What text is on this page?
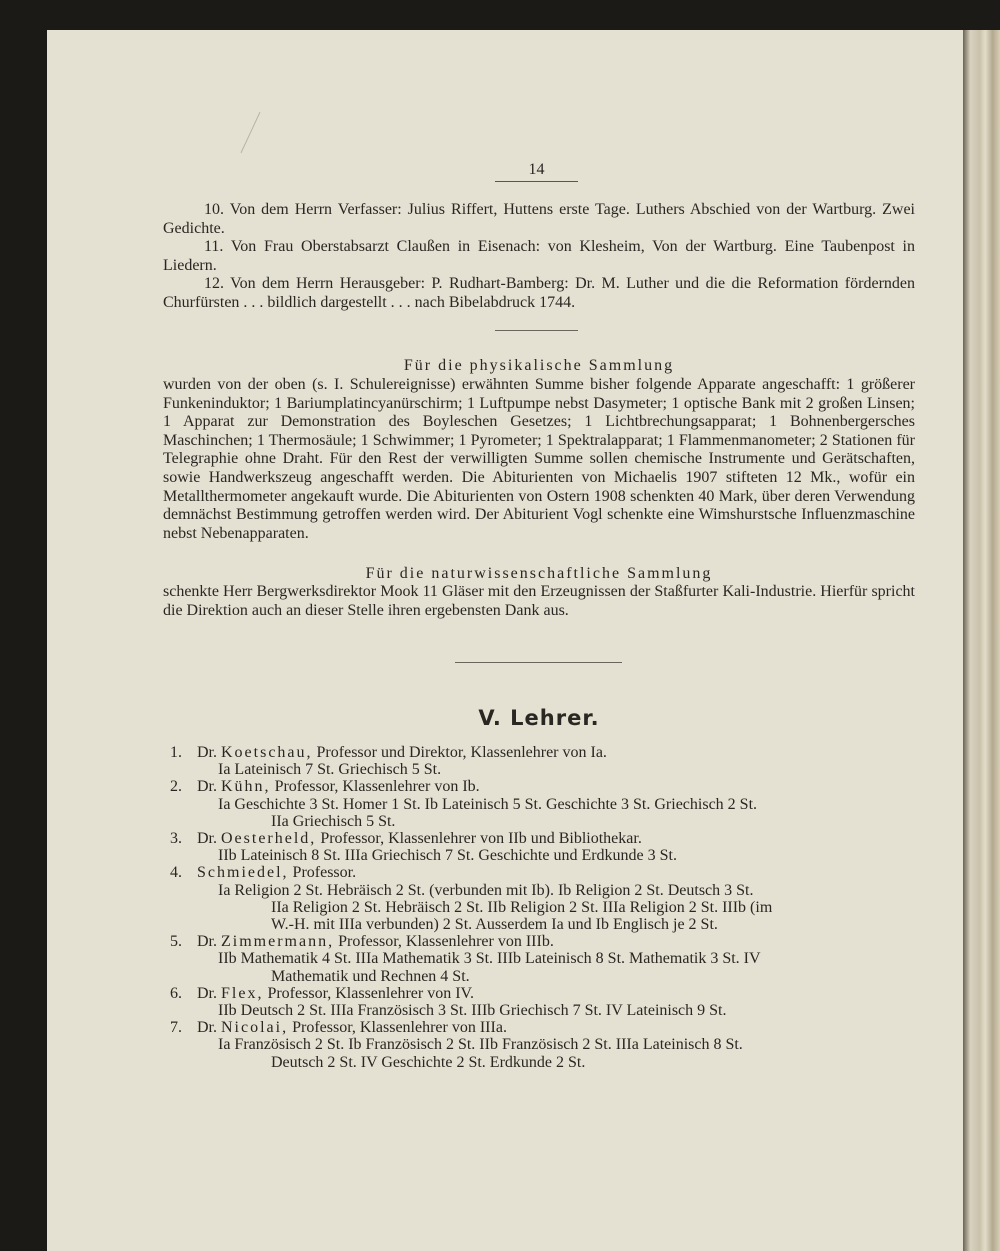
14

10. Von dem Herrn Verfasser: Julius Riffert, Huttens erste Tage. Luthers Abschied von der Wartburg. Zwei Gedichte.

11. Von Frau Oberstabsarzt Claußen in Eisenach: von Klesheim, Von der Wartburg. Eine Taubenpost in Liedern.

12. Von dem Herrn Herausgeber: P. Rudhart-Bamberg: Dr. M. Luther und die die Reformation fördernden Churfürsten . . . bildlich dargestellt . . . nach Bibelabdruck 1744.

Für die physikalische Sammlung

wurden von der oben (s. I. Schulereignisse) erwähnten Summe bisher folgende Apparate angeschafft: 1 größerer Funkeninduktor; 1 Bariumplatincyanürschirm; 1 Luftpumpe nebst Dasymeter; 1 optische Bank mit 2 großen Linsen; 1 Apparat zur Demonstration des Boyleschen Gesetzes; 1 Lichtbrechungsapparat; 1 Bohnenbergersches Maschinchen; 1 Thermosäule; 1 Schwimmer; 1 Pyrometer; 1 Spektralapparat; 1 Flammenmanometer; 2 Stationen für Telegraphie ohne Draht. Für den Rest der verwilligten Summe sollen chemische Instrumente und Gerätschaften, sowie Handwerkszeug angeschafft werden. Die Abiturienten von Michaelis 1907 stifteten 12 Mk., wofür ein Metallthermometer angekauft wurde. Die Abiturienten von Ostern 1908 schenkten 40 Mark, über deren Verwendung demnächst Bestimmung getroffen werden wird. Der Abiturient Vogl schenkte eine Wimshurstsche Influenzmaschine nebst Nebenapparaten.

Für die naturwissenschaftliche Sammlung

schenkte Herr Bergwerksdirektor Mook 11 Gläser mit den Erzeugnissen der Staßfurter Kali-Industrie. Hierfür spricht die Direktion auch an dieser Stelle ihren ergebensten Dank aus.

V. Lehrer.
1. Dr. Koetschau, Professor und Direktor, Klassenlehrer von Ia.
Ia Lateinisch 7 St. Griechisch 5 St.
2. Dr. Kühn, Professor, Klassenlehrer von Ib.
Ia Geschichte 3 St. Homer 1 St. Ib Lateinisch 5 St. Geschichte 3 St. Griechisch 2 St.
IIa Griechisch 5 St.
3. Dr. Oesterheld, Professor, Klassenlehrer von IIb und Bibliothekar.
IIb Lateinisch 8 St. IIIa Griechisch 7 St. Geschichte und Erdkunde 3 St.
4. Schmiedel, Professor.
Ia Religion 2 St. Hebräisch 2 St. (verbunden mit Ib). Ib Religion 2 St. Deutsch 3 St.
IIa Religion 2 St. Hebräisch 2 St. IIb Religion 2 St. IIIa Religion 2 St. IIIb (im
W.-H. mit IIIa verbunden) 2 St. Ausserdem Ia und Ib Englisch je 2 St.
5. Dr. Zimmermann, Professor, Klassenlehrer von IIIb.
IIb Mathematik 4 St. IIIa Mathematik 3 St. IIIb Lateinisch 8 St. Mathematik 3 St. IV
Mathematik und Rechnen 4 St.
6. Dr. Flex, Professor, Klassenlehrer von IV.
IIb Deutsch 2 St. IIIa Französisch 3 St. IIIb Griechisch 7 St. IV Lateinisch 9 St.
7. Dr. Nicolai, Professor, Klassenlehrer von IIIa.
Ia Französisch 2 St. Ib Französisch 2 St. IIb Französisch 2 St. IIIa Lateinisch 8 St.
Deutsch 2 St. IV Geschichte 2 St. Erdkunde 2 St.
